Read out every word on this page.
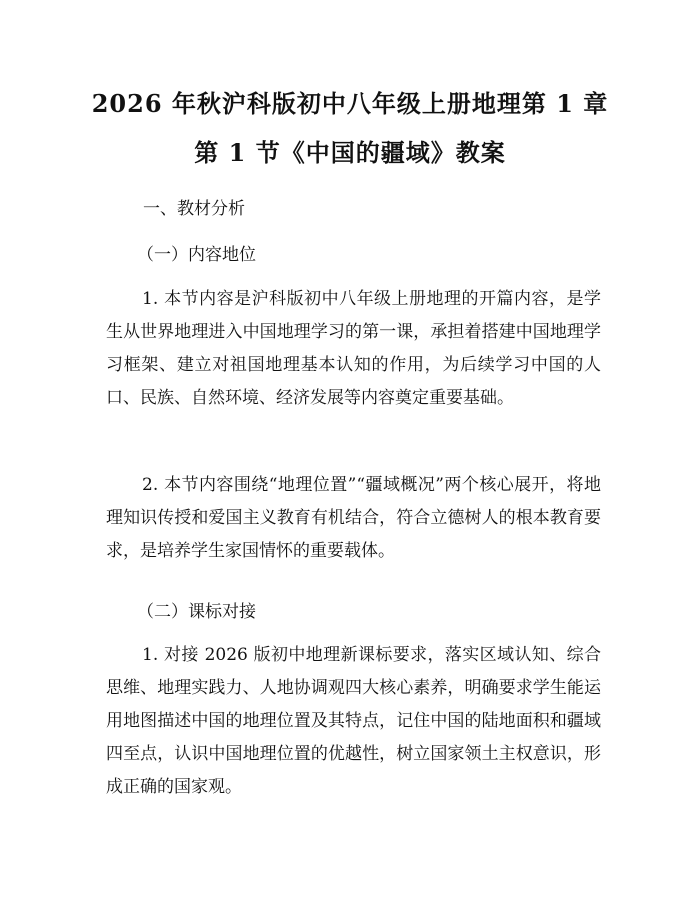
2026 年秋沪科版初中八年级上册地理第 1 章
第 1 节《中国的疆域》教案
一、教材分析
（一）内容地位
1. 本节内容是沪科版初中八年级上册地理的开篇内容，是学生从世界地理进入中国地理学习的第一课，承担着搭建中国地理学习框架、建立对祖国地理基本认知的作用，为后续学习中国的人口、民族、自然环境、经济发展等内容奠定重要基础。
2. 本节内容围绕“地理位置”“疆域概况”两个核心展开，将地理知识传授和爱国主义教育有机结合，符合立德树人的根本教育要求，是培养学生家国情怀的重要载体。
（二）课标对接
1. 对接 2026 版初中地理新课标要求，落实区域认知、综合思维、地理实践力、人地协调观四大核心素养，明确要求学生能运用地图描述中国的地理位置及其特点，记住中国的陆地面积和疆域四至点，认识中国地理位置的优越性，树立国家领土主权意识，形成正确的国家观。
